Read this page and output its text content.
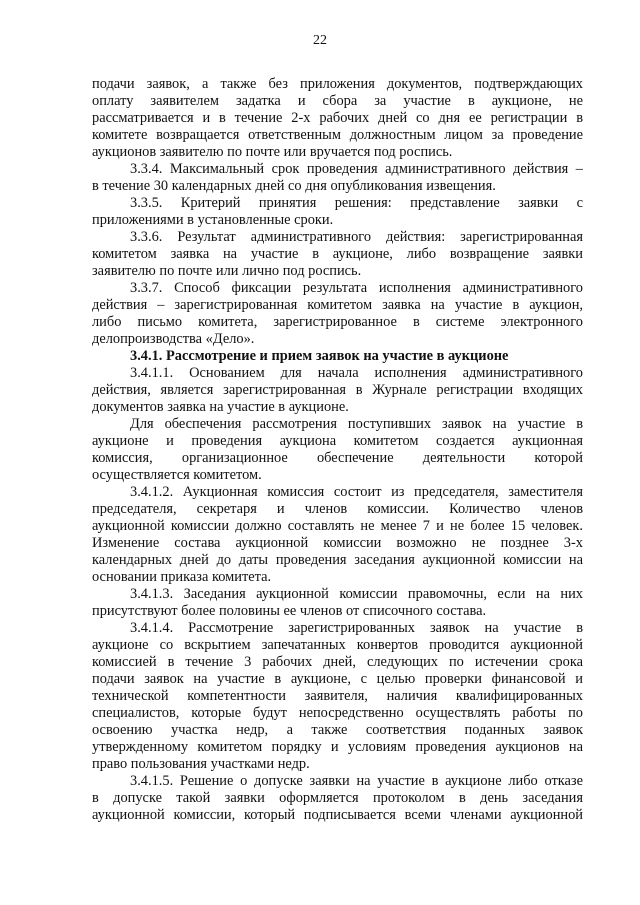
22
подачи заявок, а также без приложения документов, подтверждающих
оплату заявителем задатка и сбора за участие в аукционе, не
рассматривается и в течение 2-х рабочих дней со дня ее регистрации в
комитете возвращается ответственным должностным лицом за проведение
аукционов заявителю по почте или вручается под роспись.
3.3.4. Максимальный срок проведения административного действия –
в течение 30 календарных дней со дня опубликования извещения.
3.3.5. Критерий принятия решения: представление заявки с
приложениями в установленные сроки.
3.3.6. Результат административного действия: зарегистрированная
комитетом заявка на участие в аукционе, либо возвращение заявки
заявителю по почте или лично под роспись.
3.3.7. Способ фиксации результата исполнения административного
действия – зарегистрированная комитетом заявка на участие в аукцион,
либо письмо комитета, зарегистрированное в системе электронного
делопроизводства «Дело».
3.4.1. Рассмотрение и прием заявок на участие в аукционе
3.4.1.1. Основанием для начала исполнения административного
действия, является зарегистрированная в Журнале регистрации входящих
документов заявка на участие в аукционе.
Для обеспечения рассмотрения поступивших заявок на участие в
аукционе и проведения аукциона комитетом создается аукционная
комиссия, организационное обеспечение деятельности которой
осуществляется комитетом.
3.4.1.2. Аукционная комиссия состоит из председателя, заместителя
председателя, секретаря и членов комиссии. Количество членов
аукционной комиссии должно составлять не менее 7 и не более 15 человек.
Изменение состава аукционной комиссии возможно не позднее 3-х
календарных дней до даты проведения заседания аукционной комиссии на
основании приказа комитета.
3.4.1.3. Заседания аукционной комиссии правомочны, если на них
присутствуют более половины ее членов от списочного состава.
3.4.1.4. Рассмотрение зарегистрированных заявок на участие в
аукционе со вскрытием запечатанных конвертов проводится аукционной
комиссией в течение 3 рабочих дней, следующих по истечении срока
подачи заявок на участие в аукционе, с целью проверки финансовой и
технической компетентности заявителя, наличия квалифицированных
специалистов, которые будут непосредственно осуществлять работы по
освоению участка недр, а также соответствия поданных заявок
утвержденному комитетом порядку и условиям проведения аукционов на
право пользования участками недр.
3.4.1.5. Решение о допуске заявки на участие в аукционе либо отказе
в допуске такой заявки оформляется протоколом в день заседания
аукционной комиссии, который подписывается всеми членами аукционной
